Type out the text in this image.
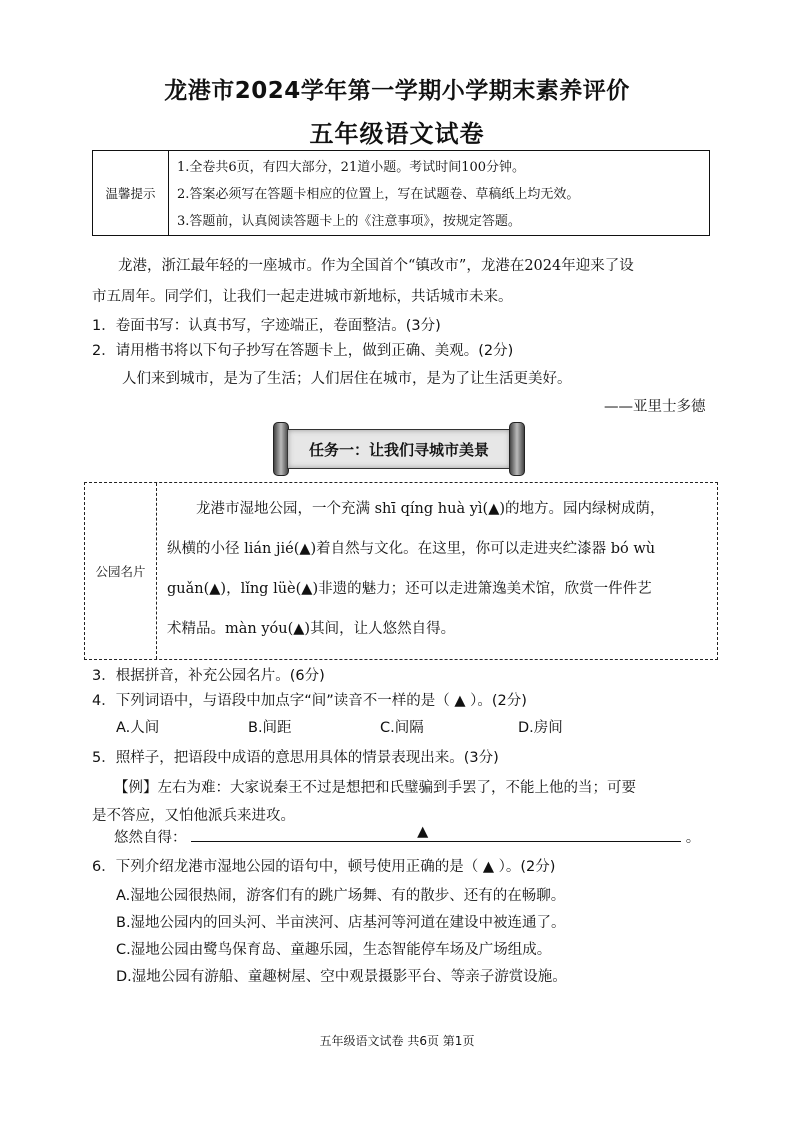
龙港市2024学年第一学期小学期末素养评价
五年级语文试卷
温馨提示
1.全卷共6页，有四大部分，21道小题。考试时间100分钟。
2.答案必须写在答题卡相应的位置上，写在试题卷、草稿纸上均无效。
3.答题前，认真阅读答题卡上的《注意事项》，按规定答题。
龙港，浙江最年轻的一座城市。作为全国首个“镇改市”，龙港在2024年迎来了设
市五周年。同学们，让我们一起走进城市新地标，共话城市未来。
1．卷面书写：认真书写，字迹端正，卷面整洁。(3分)
2．请用楷书将以下句子抄写在答题卡上，做到正确、美观。(2分)
人们来到城市，是为了生活；人们居住在城市，是为了让生活更美好。
——亚里士多德
任务一：让我们寻城市美景
公园名片
龙港市湿地公园，一个充满 shī qíng huà yì(▲)的地方。园内绿树成荫，
纵横的小径 lián jié(▲)着自然与文化。在这里，你可以走进夹纻漆器 bó wù
guǎn(▲)，lǐng lüè(▲)非遗的魅力；还可以走进箫逸美术馆，欣赏一件件艺
术精品。màn yóu(▲)其间，让人悠然自得。
3．根据拼音，补充公园名片。(6分)
4．下列词语中，与语段中加点字“间”读音不一样的是（ ▲ ）。(2分)
A.人间	B.间距	C.间隔	D.房间
5．照样子，把语段中成语的意思用具体的情景表现出来。(3分)
【例】左右为难：大家说秦王不过是想把和氏璧骗到手罢了，不能上他的当；可要
是不答应，又怕他派兵来进攻。
悠然自得：	▲	。
6．下列介绍龙港市湿地公园的语句中，顿号使用正确的是（ ▲ ）。(2分)
A.湿地公园很热闹，游客们有的跳广场舞、有的散步、还有的在畅聊。
B.湿地公园内的回头河、半亩浃河、店基河等河道在建设中被连通了。
C.湿地公园由鹭鸟保育岛、童趣乐园，生态智能停车场及广场组成。
D.湿地公园有游船、童趣树屋、空中观景摄影平台、等亲子游赏设施。
五年级语文试卷 共6页 第1页
